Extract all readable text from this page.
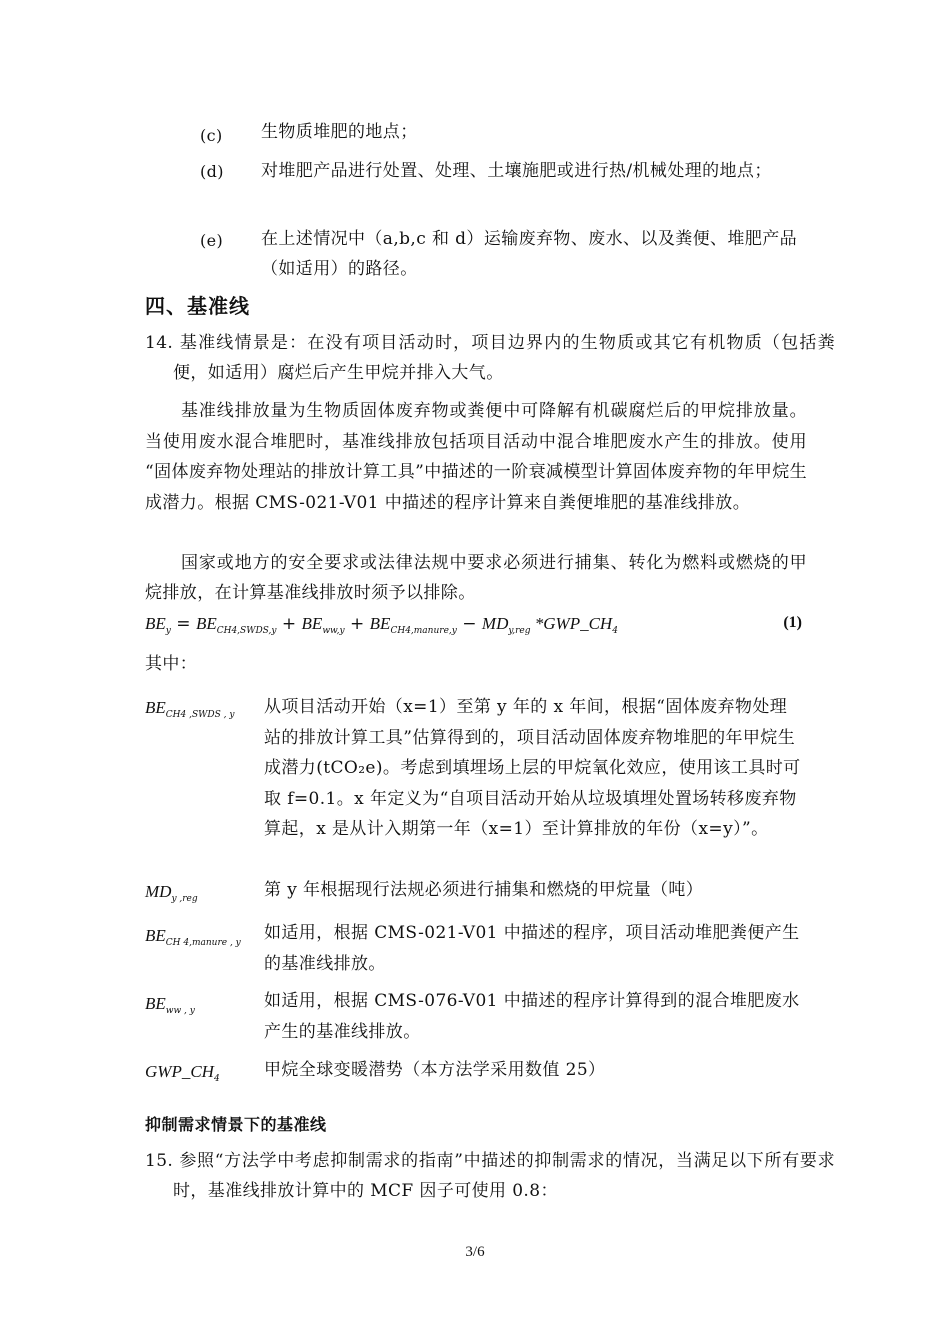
(c)	生物质堆肥的地点；
(d)	对堆肥产品进行处置、处理、土壤施肥或进行热/机械处理的地点；
(e)	在上述情况中（a,b,c 和 d）运输废弃物、废水、以及粪便、堆肥产品（如适用）的路径。
四、基准线
14. 基准线情景是：在没有项目活动时，项目边界内的生物质或其它有机物质（包括粪便，如适用）腐烂后产生甲烷并排入大气。
基准线排放量为生物质固体废弃物或粪便中可降解有机碳腐烂后的甲烷排放量。当使用废水混合堆肥时，基准线排放包括项目活动中混合堆肥废水产生的排放。使用 “固体废弃物处理站的排放计算工具”中描述的一阶衰减模型计算固体废弃物的年甲烷生成潜力。根据 CMS-021-V01 中描述的程序计算来自粪便堆肥的基准线排放。
国家或地方的安全要求或法律法规中要求必须进行捕集、转化为燃料或燃烧的甲烷排放，在计算基准线排放时须予以排除。
$BE_y = BE_{CH4,SWDS,y} + BE_{ww,y} + BE_{CH4,manure,y} - MD_{y,reg}$ $*GWP\_CH_4$	(1)
其中：
$BE_{CH4 ,SWDS , y}$	从项目活动开始（x=1）至第 y 年的 x 年间，根据“固体废弃物处理站的排放计算工具”估算得到的，项目活动固体废弃物堆肥的年甲烷生成潜力(tCO₂e)。考虑到填埋场上层的甲烷氧化效应，使用该工具时可取 f=0.1。x 年定义为“自项目活动开始从垃圾填埋处置场转移废弃物算起，x 是从计入期第一年（x=1）至计算排放的年份（x=y）”。
$MD_{y ,reg}$	第 y 年根据现行法规必须进行捕集和燃烧的甲烷量（吨）
$BE_{CH 4,manure , y}$	如适用，根据 CMS-021-V01 中描述的程序，项目活动堆肥粪便产生的基准线排放。
$BE_{ww , y}$	如适用，根据 CMS-076-V01 中描述的程序计算得到的混合堆肥废水产生的基准线排放。
$GWP\_CH_4$	甲烷全球变暖潜势（本方法学采用数值 25）
抑制需求情景下的基准线
15. 参照“方法学中考虑抑制需求的指南”中描述的抑制需求的情况，当满足以下所有要求时，基准线排放计算中的 MCF 因子可使用 0.8：
3/6
